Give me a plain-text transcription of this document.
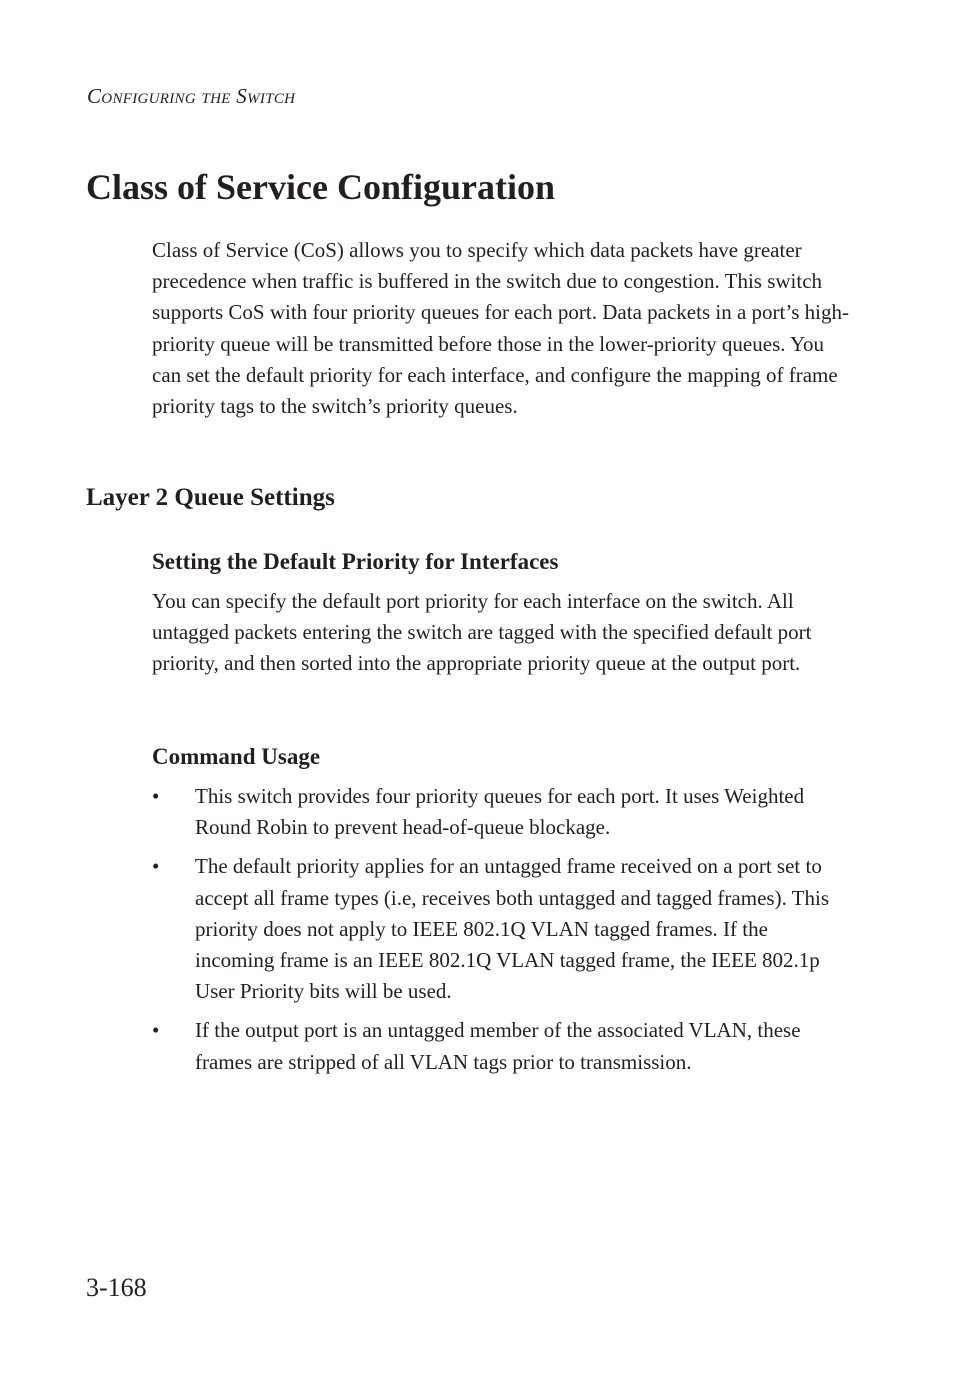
Configuring the Switch
Class of Service Configuration

Class of Service (CoS) allows you to specify which data packets have greater precedence when traffic is buffered in the switch due to congestion. This switch supports CoS with four priority queues for each port. Data packets in a port’s high-priority queue will be transmitted before those in the lower-priority queues. You can set the default priority for each interface, and configure the mapping of frame priority tags to the switch’s priority queues.

Layer 2 Queue Settings
Setting the Default Priority for Interfaces

You can specify the default port priority for each interface on the switch. All untagged packets entering the switch are tagged with the specified default port priority, and then sorted into the appropriate priority queue at the output port.

Command Usage
• This switch provides four priority queues for each port. It uses Weighted Round Robin to prevent head-of-queue blockage.
• The default priority applies for an untagged frame received on a port set to accept all frame types (i.e, receives both untagged and tagged frames). This priority does not apply to IEEE 802.1Q VLAN tagged frames. If the incoming frame is an IEEE 802.1Q VLAN tagged frame, the IEEE 802.1p User Priority bits will be used.
• If the output port is an untagged member of the associated VLAN, these frames are stripped of all VLAN tags prior to transmission.
3-168
